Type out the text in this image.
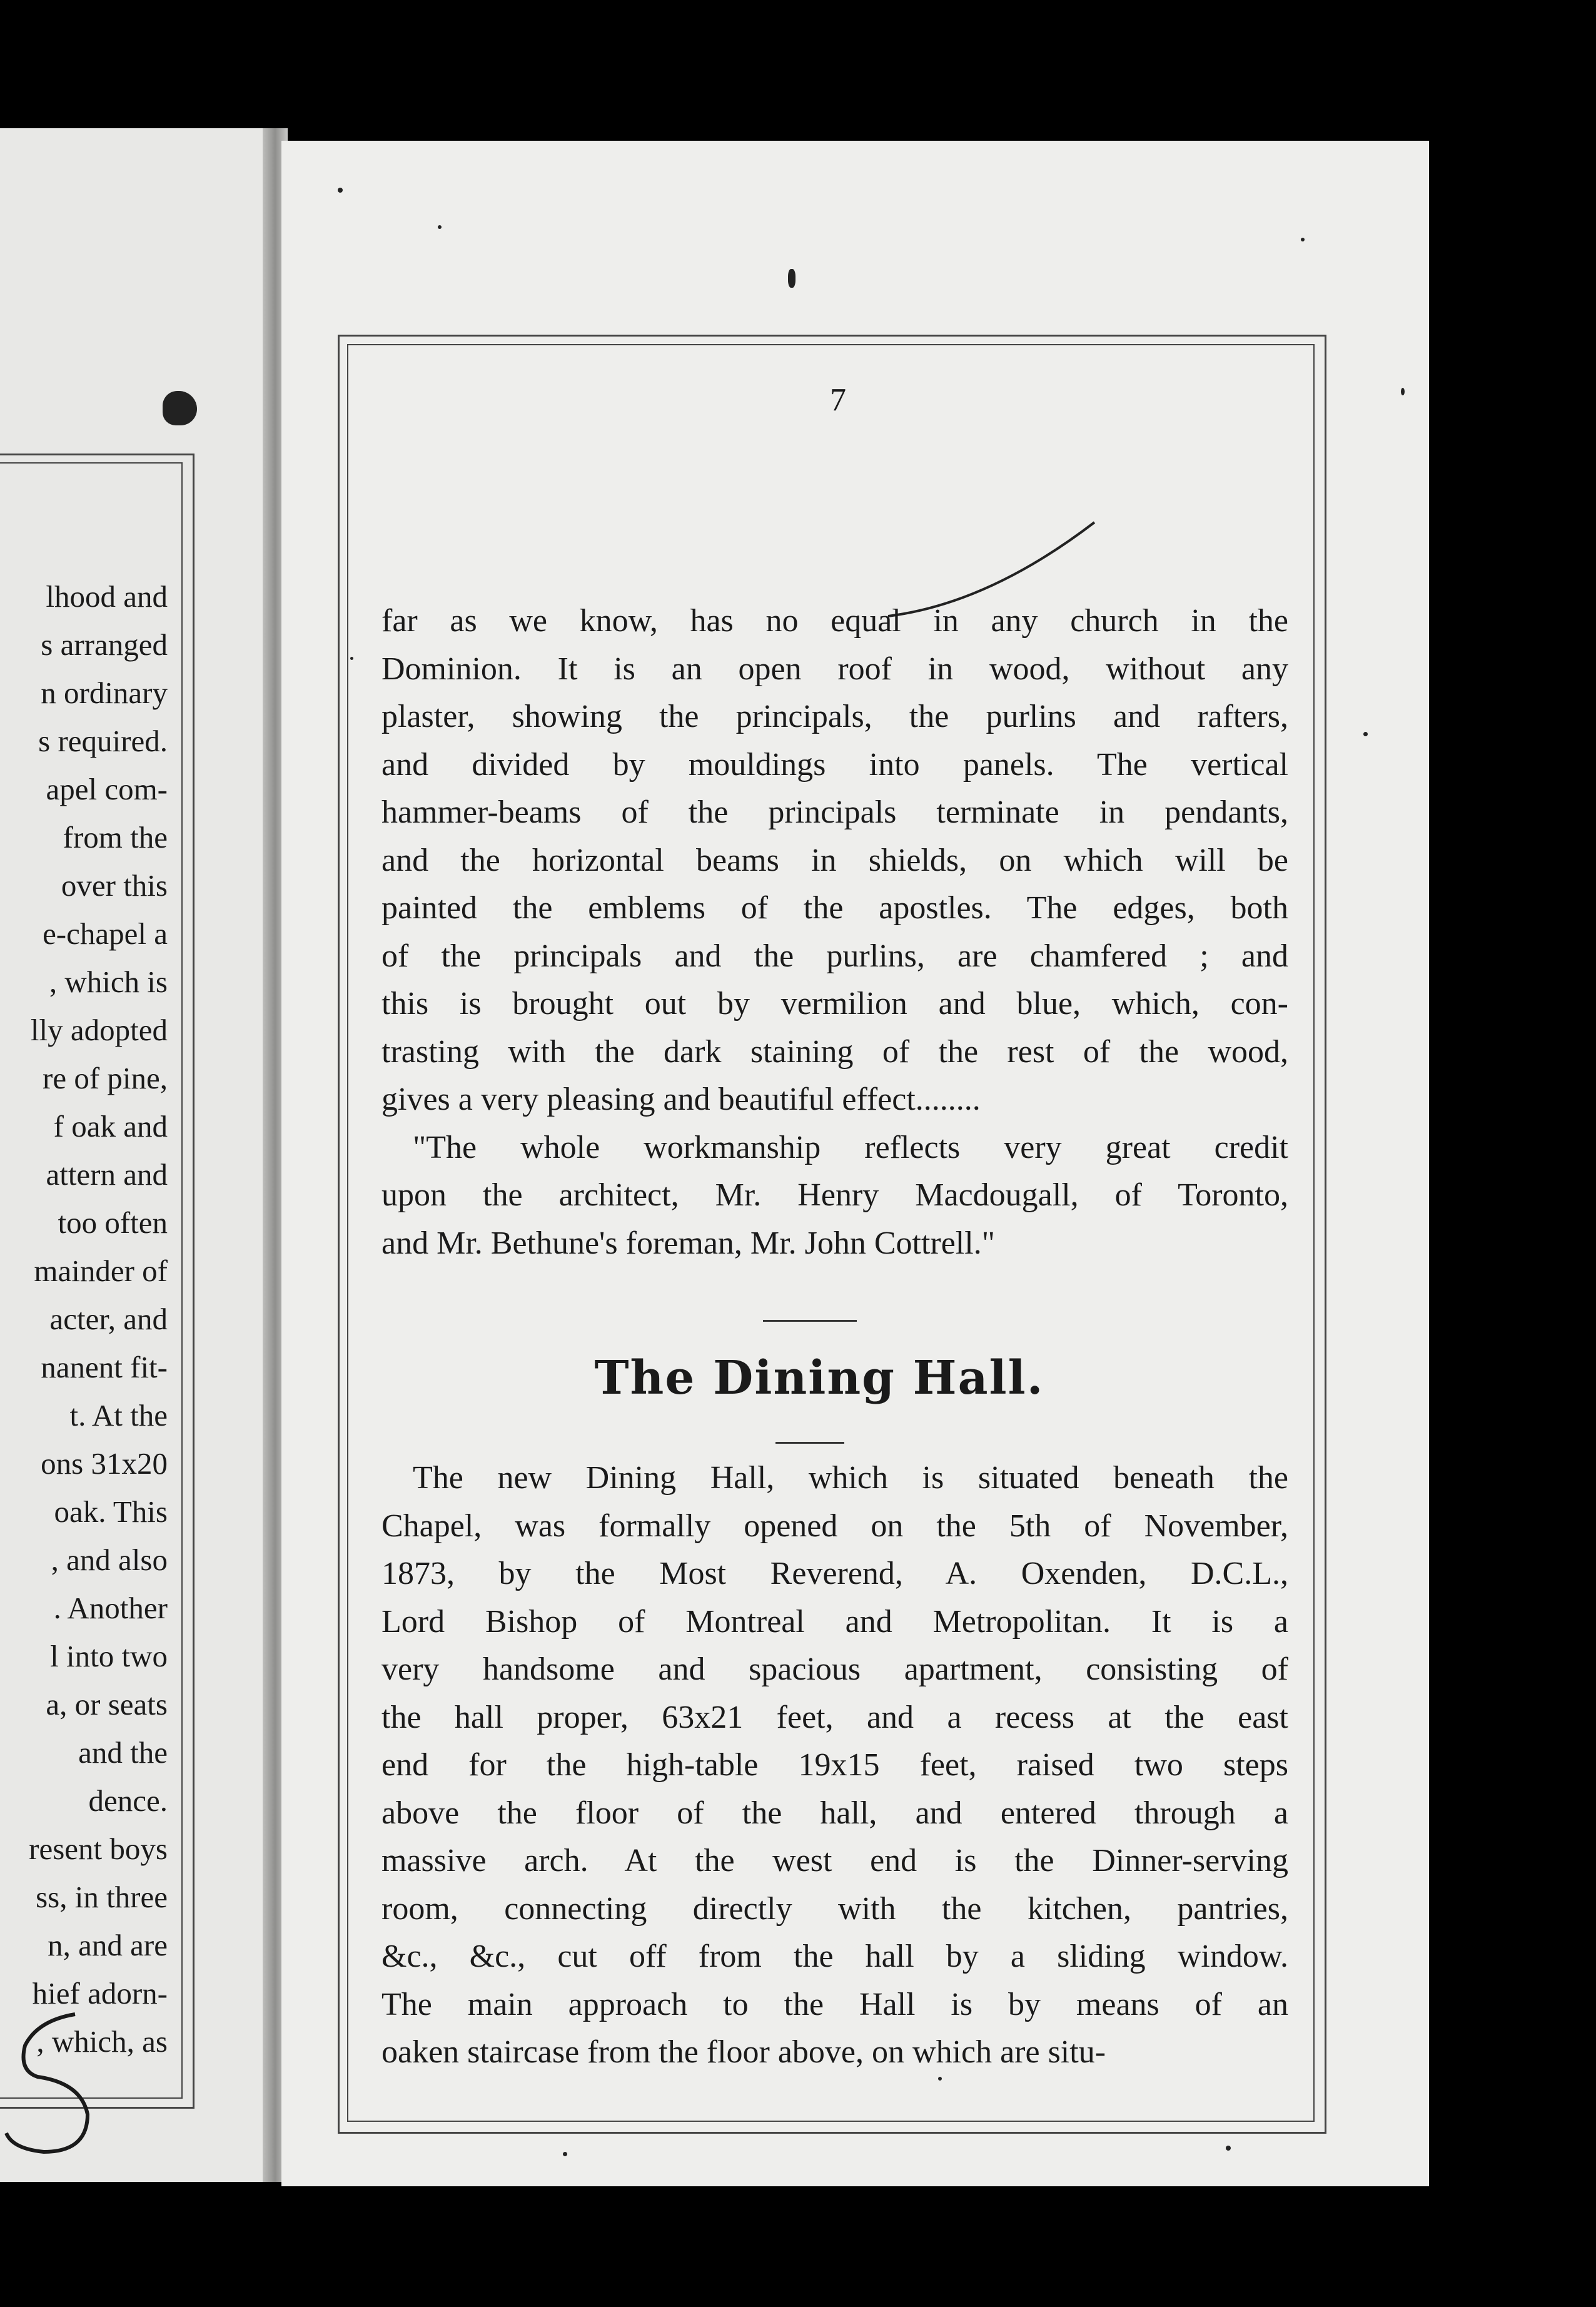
lhood and
s arranged
n ordinary
s required.
apel com-
from the
over this
e-chapel a
, which is
lly adopted
re of pine,
f oak and
attern and
too often
mainder of
acter, and
nanent fit-
t. At the
ons 31x20
oak. This
, and also
. Another
l into two
a, or seats
and the
dence.
resent boys
ss, in three
n, and are
hief adorn-
, which, as
7
far as we know, has no equal in any church in the
Dominion. It is an open roof in wood, without any
plaster, showing the principals, the purlins and rafters,
and divided by mouldings into panels. The vertical
hammer-beams of the principals terminate in pendants,
and the horizontal beams in shields, on which will be
painted the emblems of the apostles. The edges, both
of the principals and the purlins, are chamfered ; and
this is brought out by vermilion and blue, which, con-
trasting with the dark staining of the rest of the wood,
gives a very pleasing and beautiful effect........
"The whole workmanship reflects very great credit
upon the architect, Mr. Henry Macdougall, of Toronto,
and Mr. Bethune's foreman, Mr. John Cottrell."
The Dining Hall.
The new Dining Hall, which is situated beneath the
Chapel, was formally opened on the 5th of November,
1873, by the Most Reverend, A. Oxenden, D.C.L.,
Lord Bishop of Montreal and Metropolitan. It is a
very handsome and spacious apartment, consisting of
the hall proper, 63x21 feet, and a recess at the east
end for the high-table 19x15 feet, raised two steps
above the floor of the hall, and entered through a
massive arch. At the west end is the Dinner-serving
room, connecting directly with the kitchen, pantries,
&c., &c., cut off from the hall by a sliding window.
The main approach to the Hall is by means of an
oaken staircase from the floor above, on which are situ-
